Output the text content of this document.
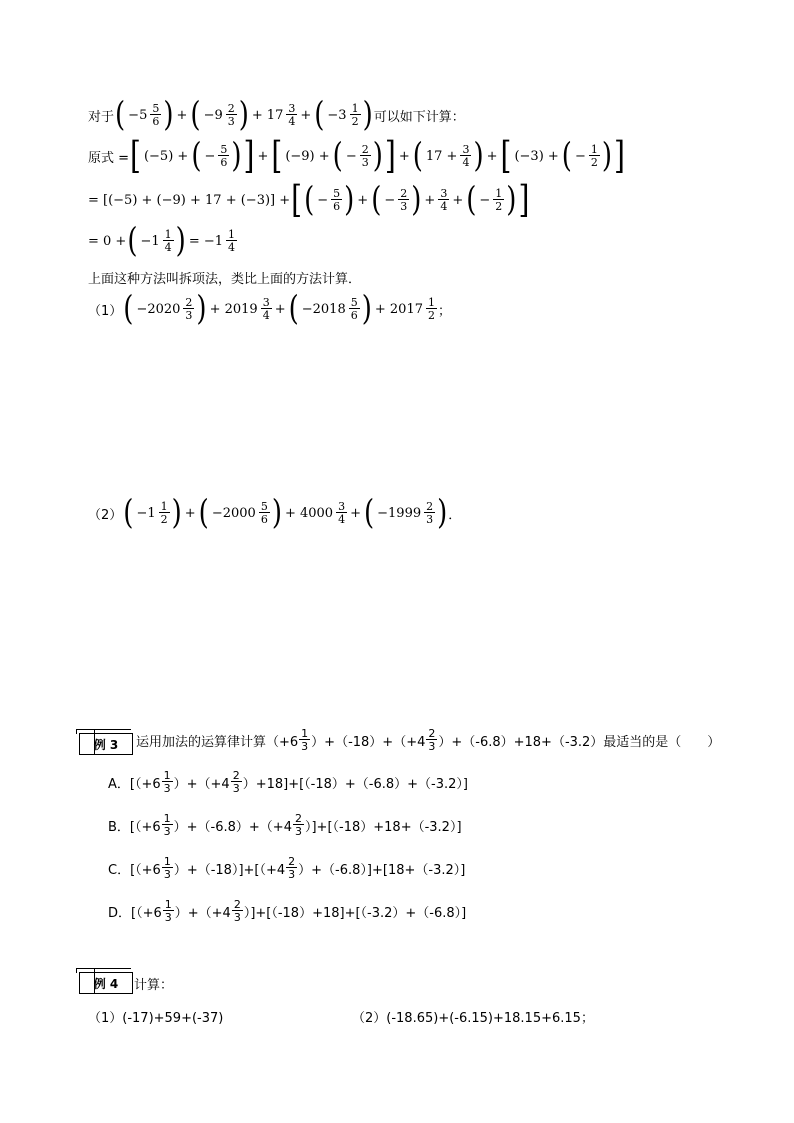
对于 ( $-5 \frac{5}{6}$ ) + ( $-9 \frac{2}{3}$ ) + $17 \frac{3}{4}$ + ( $-3 \frac{1}{2}$ ) 可以如下计算：
原式 = [ (−5) + ( − $\frac{5}{6}$ ) ] + [ (−9) + ( − $\frac{2}{3}$ ) ] + ( $17 + \frac{3}{4}$ ) + [ (−3) + ( − $\frac{1}{2}$ ) ]
= [(−5) + (−9) + 17 + (−3)] + [ ( − $\frac{5}{6}$ ) + ( − $\frac{2}{3}$ ) + $\frac{3}{4}$ + ( − $\frac{1}{2}$ ) ]
= 0 + ( $-1 \frac{1}{4}$ ) = $-1 \frac{1}{4}$
上面这种方法叫拆项法，类比上面的方法计算．
（1） ( $-2020 \frac{2}{3}$ ) + $2019 \frac{3}{4}$ + ( $-2018 \frac{5}{6}$ ) + $2017 \frac{1}{2}$ ；
（2） ( $-1 \frac{1}{2}$ ) + ( $-2000 \frac{5}{6}$ ) + $4000 \frac{3}{4}$ + ( $-1999 \frac{2}{3}$ ) ．
例 3	运用加法的运算律计算$(+6 \frac{1}{3} )+(-18)+(+4 \frac{2}{3} )+(-6.8)+18+(-3.2)$最适当的是（　　）
A．$[(+6 \frac{1}{3} )+(+4 \frac{2}{3} )+18]+[(-18)+(-6.8)+(-3.2)]$
B．$[(+6 \frac{1}{3} )+(-6.8)+(+4 \frac{2}{3} )]+[(-18)+18+(-3.2)]$
C．$[(+6 \frac{1}{3} )+(-18)]+[(+4 \frac{2}{3} )+(-6.8)]+[18+(-3.2)]$
D．$[(+6 \frac{1}{3} )+(+4 \frac{2}{3} )]+[(-18)+18]+[(-3.2)+(-6.8)]$
例 4	计算：
（1）(-17)+59+(-37)	（2）(-18.65)+(-6.15)+18.15+6.15；
